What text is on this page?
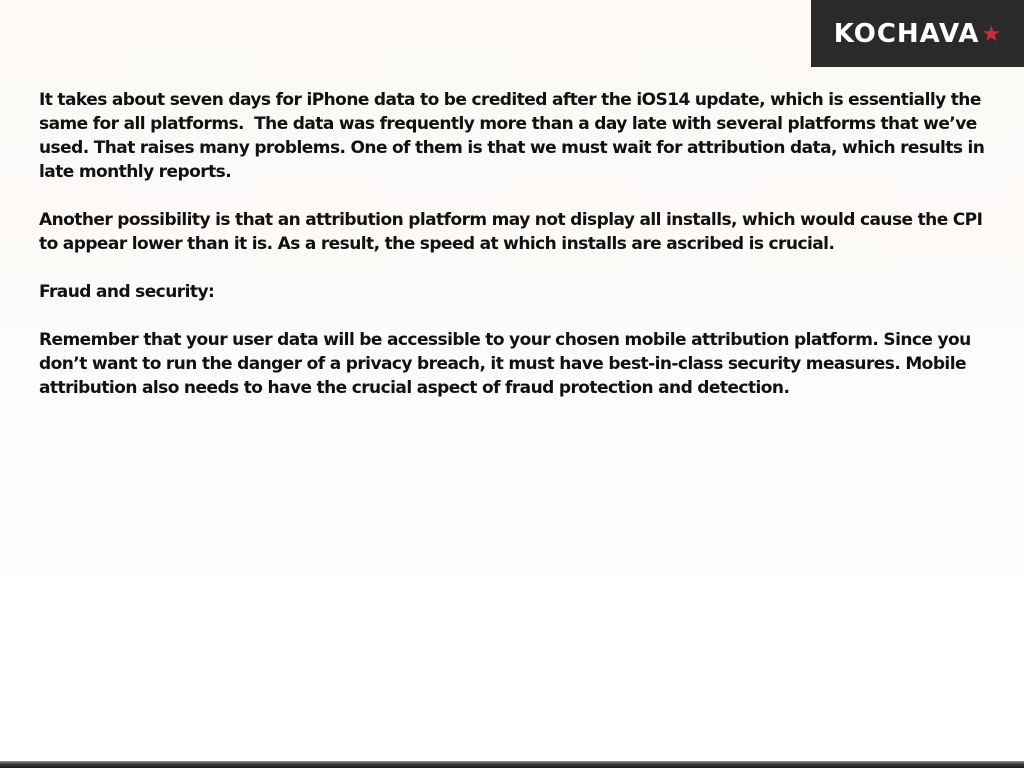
KOCHAVA ★

It takes about seven days for iPhone data to be credited after the iOS14 update, which is essentially the same for all platforms.  The data was frequently more than a day late with several platforms that we’ve used. That raises many problems. One of them is that we must wait for attribution data, which results in late monthly reports.

Another possibility is that an attribution platform may not display all installs, which would cause the CPI to appear lower than it is. As a result, the speed at which installs are ascribed is crucial.

Fraud and security:

Remember that your user data will be accessible to your chosen mobile attribution platform. Since you don’t want to run the danger of a privacy breach, it must have best-in-class security measures. Mobile attribution also needs to have the crucial aspect of fraud protection and detection.
